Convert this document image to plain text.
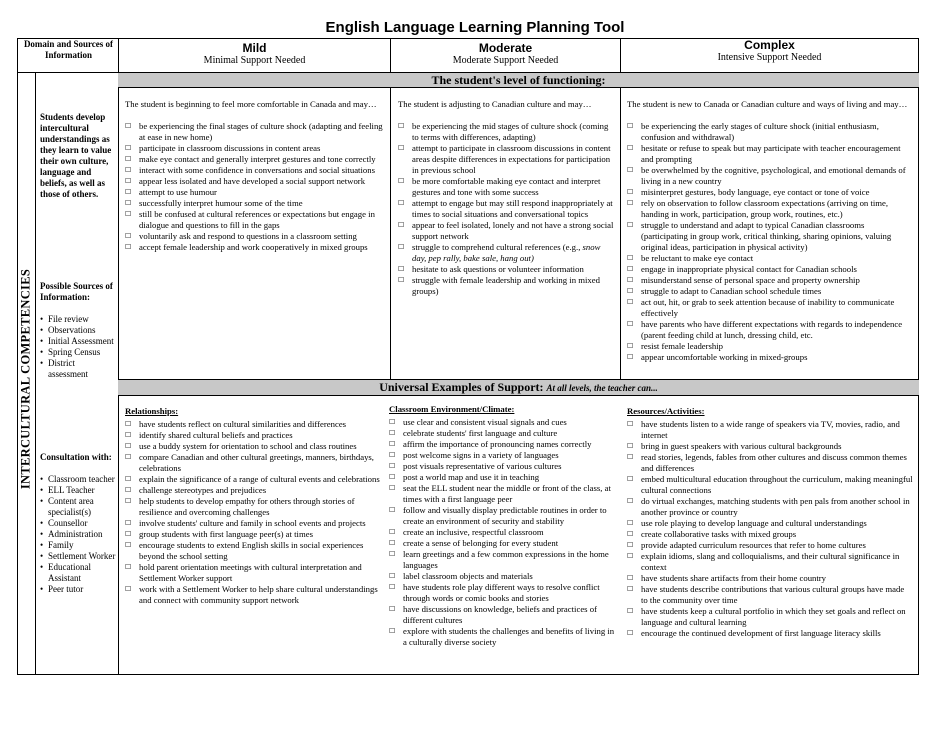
English Language Learning Planning Tool
Domain and Sources of Information	Mild
Minimal Support Needed
Moderate
Moderate Support Needed
Complex
Intensive Support Needed
The student's level of functioning:
Universal Examples of Support: At all levels, the teacher can...
INTERCULTURAL COMPETENCIES
Students develop intercultural understandings as they learn to value their own culture, language and beliefs, as well as those of others.
Possible Sources of Information:
• File review
• Observations
• Initial Assessment
• Spring Census
• District assessment
Consultation with:
• Classroom teacher
• ELL Teacher
• Content area specialist(s)
• Counsellor
• Administration
• Family
• Settlement Worker
• Educational Assistant
• Peer tutor
The student is beginning to feel more comfortable in Canada and may…
☐ be experiencing the final stages of culture shock (adapting and feeling at ease in new home)
☐ participate in classroom discussions in content areas
☐ make eye contact and generally interpret gestures and tone correctly
☐ interact with some confidence in conversations and social situations
☐ appear less isolated and have developed a social support network
☐ attempt to use humour
☐ successfully interpret humour some of the time
☐ still be confused at cultural references or expectations but engage in dialogue and questions to fill in the gaps
☐ voluntarily ask and respond to questions in a classroom setting
☐ accept female leadership and work cooperatively in mixed groups
The student is adjusting to Canadian culture and may…
☐ be experiencing the mid stages of culture shock (coming to terms with differences, adapting)
☐ attempt to participate in classroom discussions in content areas despite differences in expectations for participation in previous school
☐ be more comfortable making eye contact and interpret gestures and tone with some success
☐ attempt to engage but may still respond inappropriately at times to social situations and conversational topics
☐ appear to feel isolated, lonely and not have a strong social support network
☐ struggle to comprehend cultural references (e.g., snow day, pep rally, bake sale, hang out)
☐ hesitate to ask questions or volunteer information
☐ struggle with female leadership and working in mixed groups)
The student is new to Canada or Canadian culture and ways of living and may…
☐ be experiencing the early stages of culture shock (initial enthusiasm, confusion and withdrawal)
☐ hesitate or refuse to speak but may participate with teacher encouragement and prompting
☐ be overwhelmed by the cognitive, psychological, and emotional demands of living in a new country
☐ misinterpret gestures, body language, eye contact or tone of voice
☐ rely on observation to follow classroom expectations (arriving on time, handing in work, participation, group work, routines, etc.)
☐ struggle to understand and adapt to typical Canadian classrooms (participating in group work, critical thinking, sharing opinions, valuing original ideas, participation in physical activity)
☐ be reluctant to make eye contact
☐ engage in inappropriate physical contact for Canadian schools
☐ misunderstand sense of personal space and property ownership
☐ struggle to adapt to Canadian school schedule times
☐ act out, hit, or grab to seek attention because of inability to communicate effectively
☐ have parents who have different expectations with regards to independence (parent feeding child at lunch, dressing child, etc.
☐ resist female leadership
☐ appear uncomfortable working in mixed-groups
Relationships:
☐ have students reflect on cultural similarities and differences
☐ identify shared cultural beliefs and practices
☐ use a buddy system for orientation to school and class routines
☐ compare Canadian and other cultural greetings, manners, birthdays, celebrations
☐ explain the significance of a range of cultural events and celebrations
☐ challenge stereotypes and prejudices
☐ help students to develop empathy for others through stories of resilience and overcoming challenges
☐ involve students' culture and family in school events and projects
☐ group students with first language peer(s) at times
☐ encourage students to extend English skills in social experiences beyond the school setting
☐ hold parent orientation meetings with cultural interpretation and Settlement Worker support
☐ work with a Settlement Worker to help share cultural understandings and connect with community support network
Classroom Environment/Climate:
☐ use clear and consistent visual signals and cues
☐ celebrate students' first language and culture
☐ affirm the importance of pronouncing names correctly
☐ post welcome signs in a variety of languages
☐ post visuals representative of various cultures
☐ post a world map and use it in teaching
☐ seat the ELL student near the middle or front of the class, at times with a first language peer
☐ follow and visually display predictable routines in order to create an environment of security and stability
☐ create an inclusive, respectful classroom
☐ create a sense of belonging for every student
☐ learn greetings and a few common expressions in the home languages
☐ label classroom objects and materials
☐ have students role play different ways to resolve conflict through words or comic books and stories
☐ have discussions on knowledge, beliefs and practices of different cultures
☐ explore with students the challenges and benefits of living in a culturally diverse society
Resources/Activities:
☐ have students listen to a wide range of speakers via TV, movies, radio, and internet
☐ bring in guest speakers with various cultural backgrounds
☐ read stories, legends, fables from other cultures and discuss common themes and differences
☐ embed multicultural education throughout the curriculum, making meaningful cultural connections
☐ do virtual exchanges, matching students with pen pals from another school in another province or country
☐ use role playing to develop language and cultural understandings
☐ create collaborative tasks with mixed groups
☐ provide adapted curriculum resources that refer to home cultures
☐ explain idioms, slang and colloquialisms, and their cultural significance in context
☐ have students share artifacts from their home country
☐ have students describe contributions that various cultural groups have made to the community over time
☐ have students keep a cultural portfolio in which they set goals and reflect on language and cultural learning
☐ encourage the continued development of first language literacy skills
